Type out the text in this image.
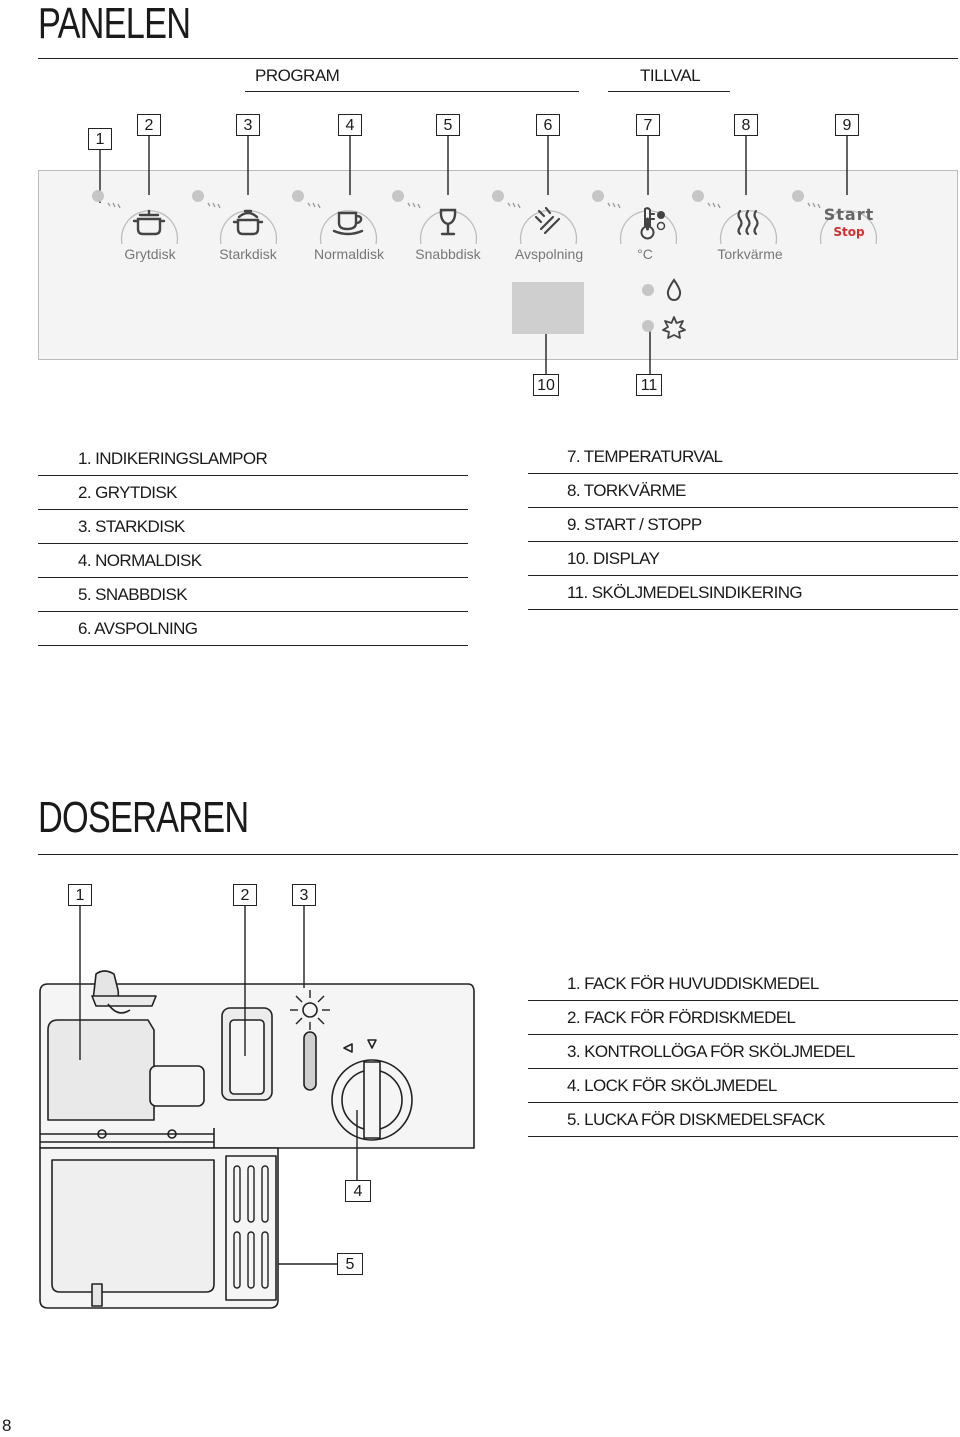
PANELEN
PROGRAM	TILLVAL
1
2	3	4	5	6	7	8	9
Grytdisk	Starkdisk	Normaldisk Snabbdisk Avspolning	°C	Torkvärme
Start
Stop
10	11
1. INDIKERINGSLAMPOR
2. GRYTDISK
3. STARKDISK
4. NORMALDISK
5. SNABBDISK
6. AVSPOLNING
7. TEMPERATURVAL
8. TORKVÄRME
9. START / STOPP
10. DISPLAY
11. SKÖLJMEDELSINDIKERING
DOSERAREN
1	2	3
4
5
1. FACK FÖR HUVUDDISKMEDEL
2. FACK FÖR FÖRDISKMEDEL
3. KONTROLLÖGA FÖR SKÖLJMEDEL
4. LOCK FÖR SKÖLJMEDEL
5. LUCKA FÖR DISKMEDELSFACK
8
